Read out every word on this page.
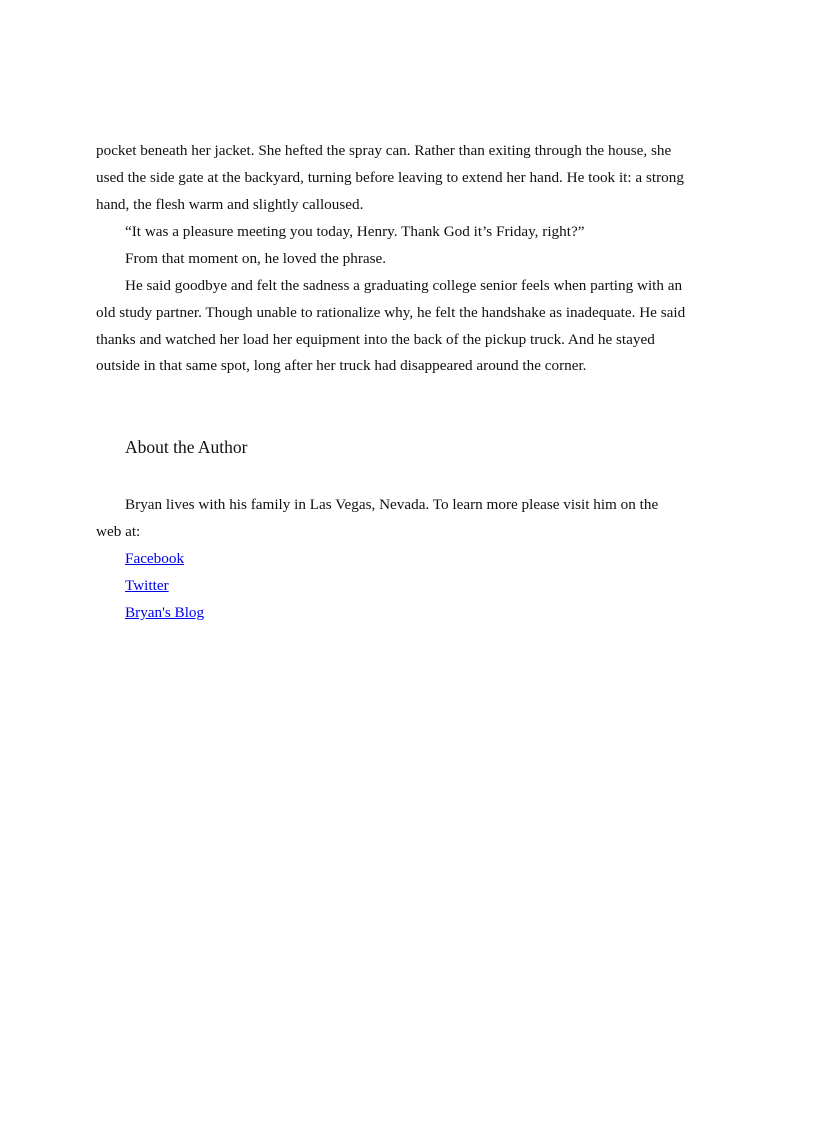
pocket beneath her jacket. She hefted the spray can. Rather than exiting through the house, she
used the side gate at the backyard, turning before leaving to extend her hand. He took it: a strong
hand, the flesh warm and slightly calloused.
“It was a pleasure meeting you today, Henry. Thank God it’s Friday, right?”
From that moment on, he loved the phrase.
He said goodbye and felt the sadness a graduating college senior feels when parting with an
old study partner. Though unable to rationalize why, he felt the handshake as inadequate. He said
thanks and watched her load her equipment into the back of the pickup truck. And he stayed
outside in that same spot, long after her truck had disappeared around the corner.
About the Author
Bryan lives with his family in Las Vegas, Nevada. To learn more please visit him on the
web at:
Facebook
Twitter
Bryan's Blog
